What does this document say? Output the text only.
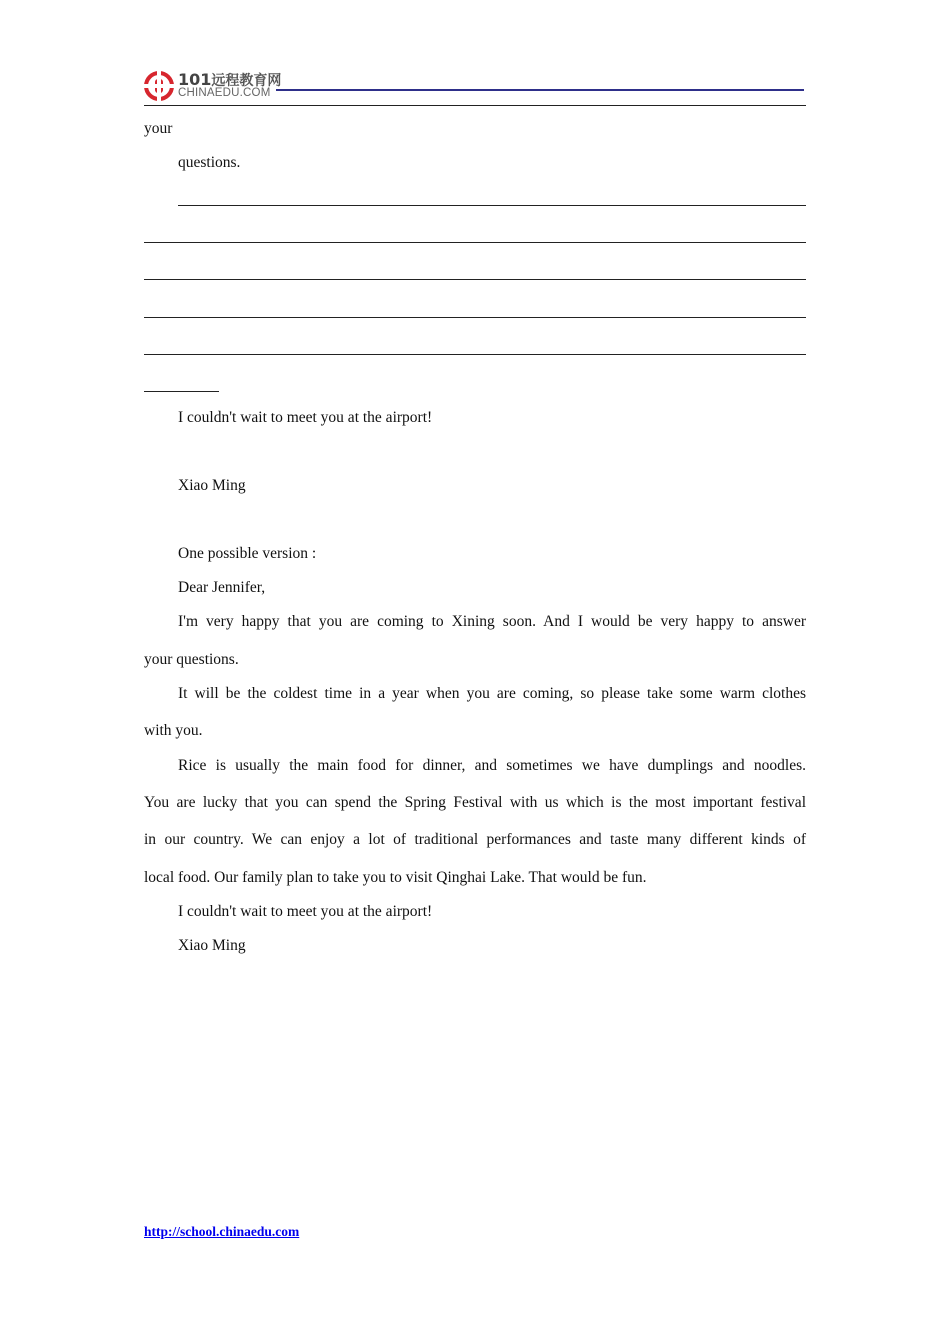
101远程教育网
CHINAEDU.COM
your
questions.
I couldn't wait to meet you at the airport!
Xiao Ming
One possible version :
Dear Jennifer,
I'm very happy that you are coming to Xining soon. And I would be very happy to answer
your questions.
It will be the coldest time in a year when you are coming, so please take some warm clothes
with you.
Rice is usually the main food for dinner, and sometimes we have dumplings and noodles.
You are lucky that you can spend the Spring Festival with us which is the most important festival
in our country. We can enjoy a lot of traditional performances and taste many different kinds of
local food. Our family plan to take you to visit Qinghai Lake. That would be fun.
I couldn't wait to meet you at the airport!
Xiao Ming
http://school.chinaedu.com
